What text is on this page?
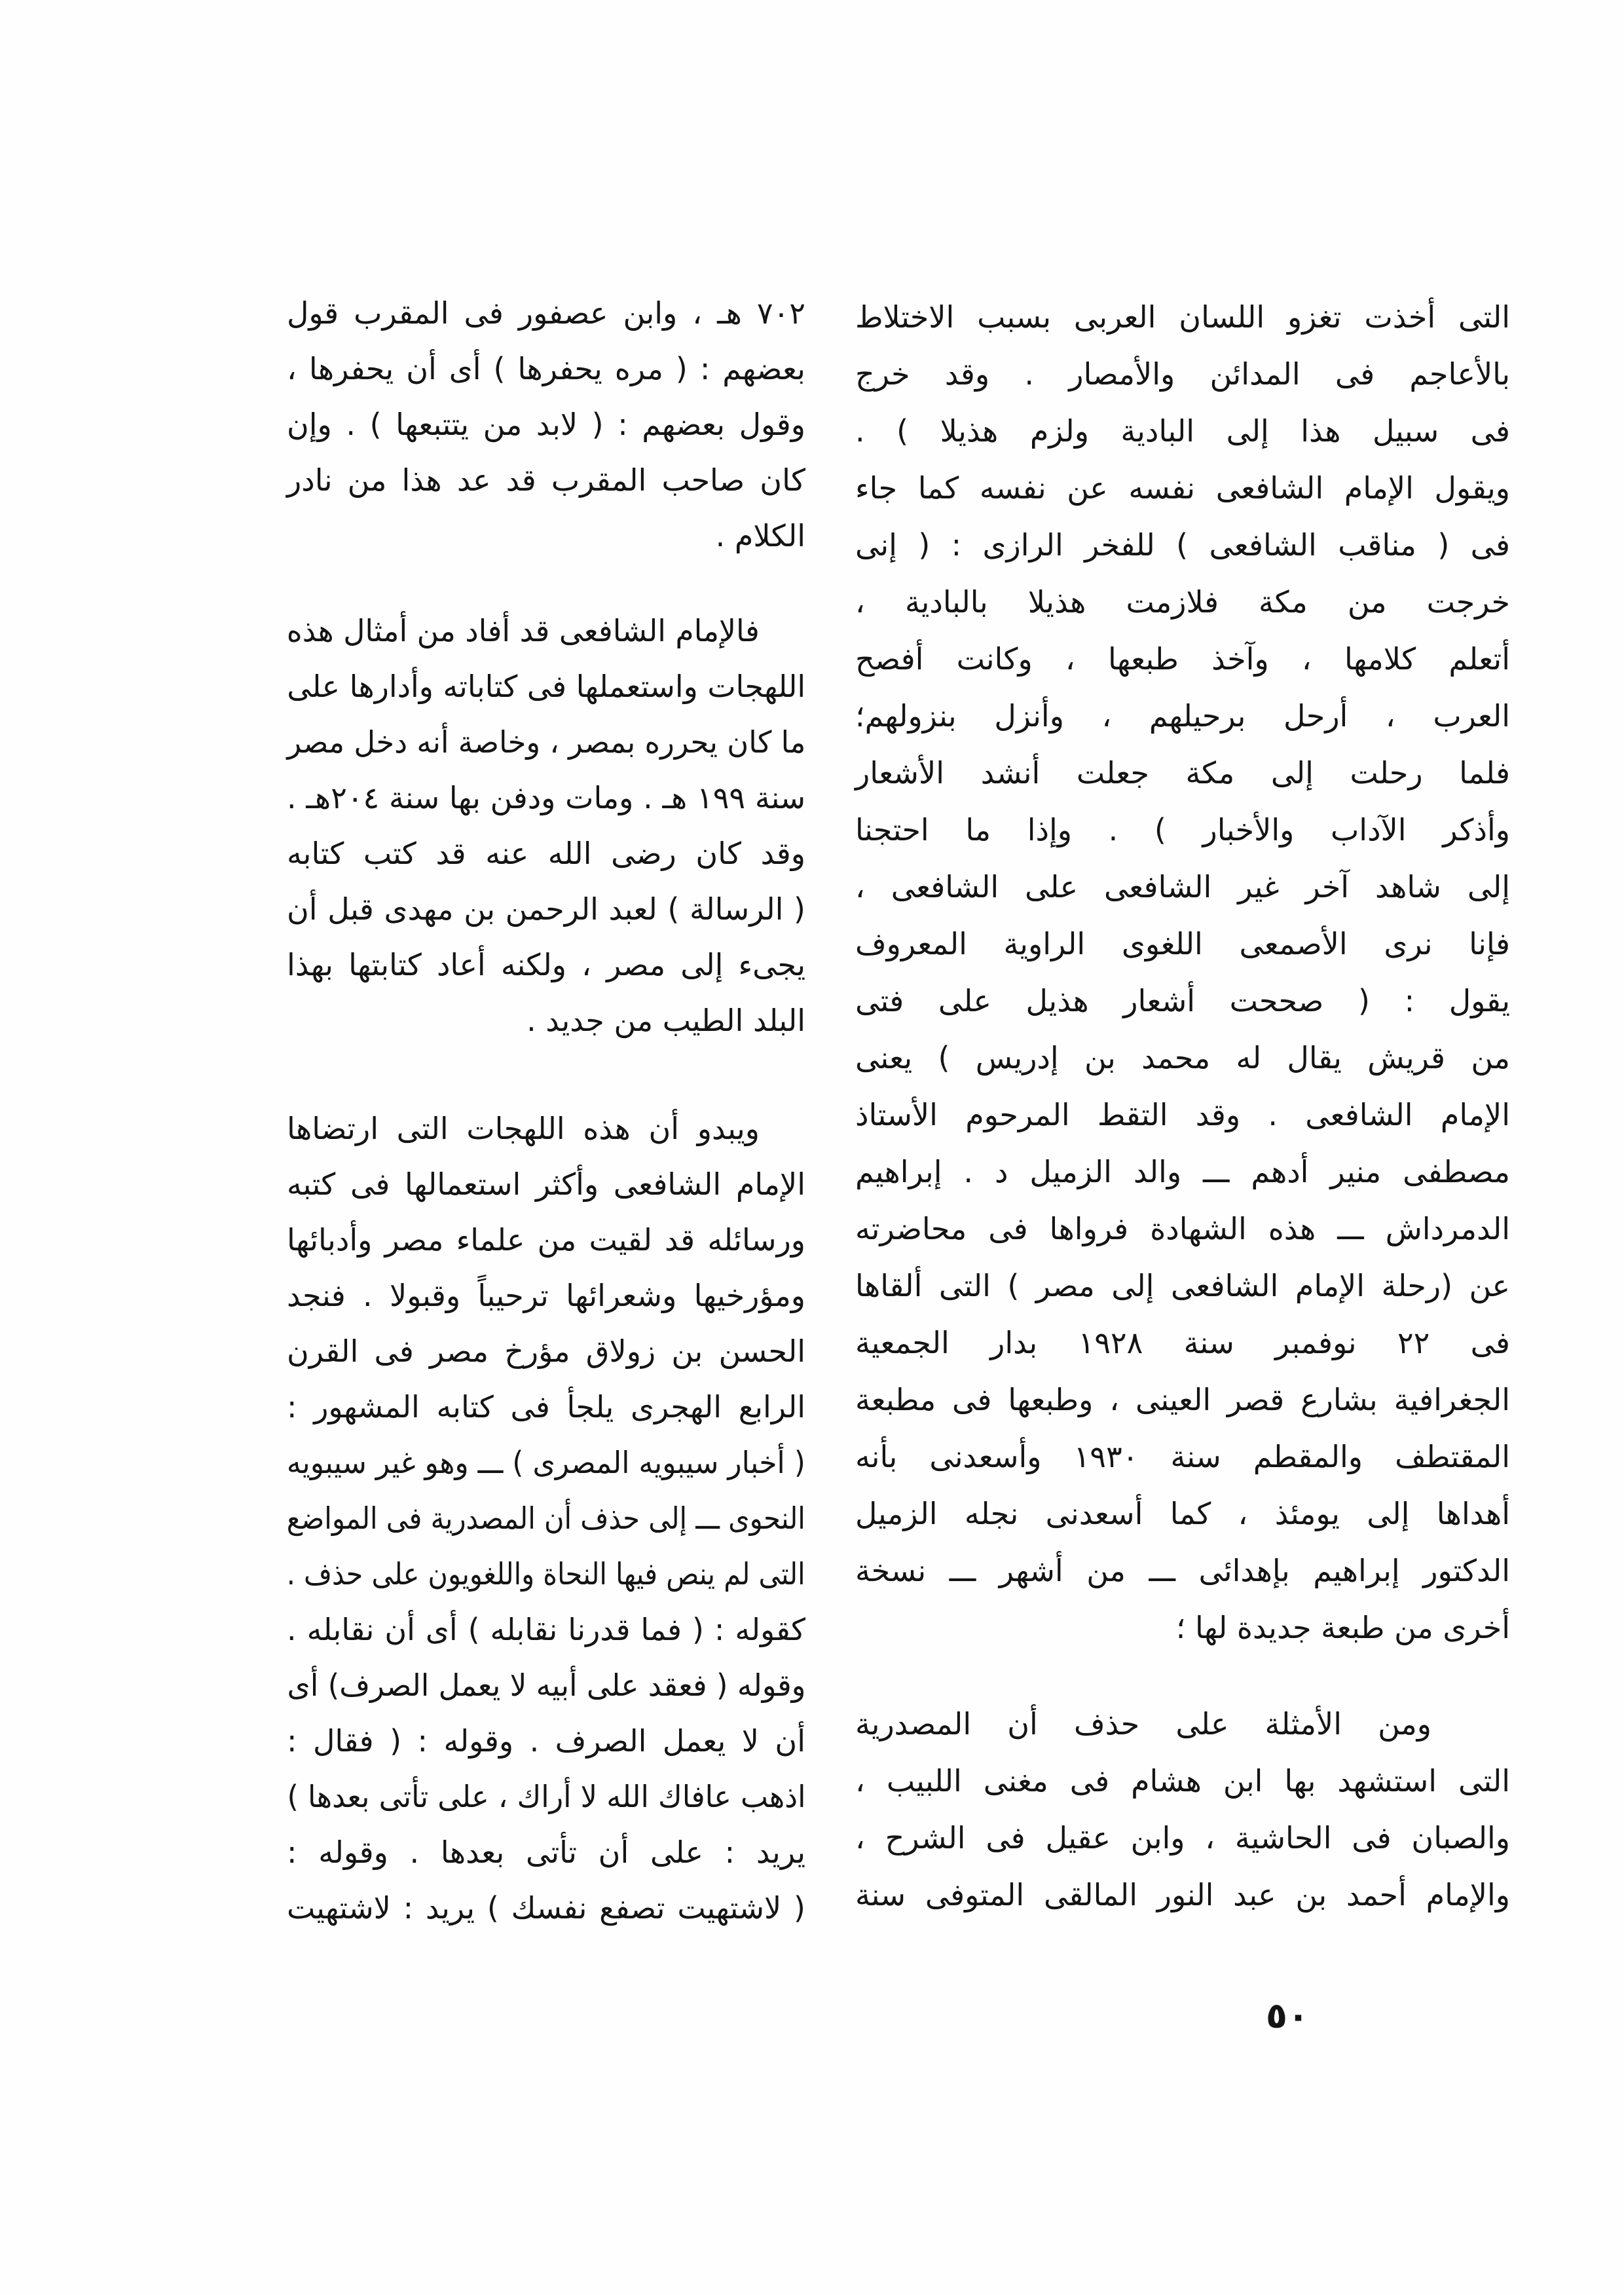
التى أخذت تغزو اللسان العربى بسبب الاختلاط
بالأعاجم فى المدائن والأمصار . وقد خرج
فى سبيل هذا إلى البادية ولزم هذيلا ) .
ويقول الإمام الشافعى نفسه عن نفسه كما جاء
فى ( مناقب الشافعى ) للفخر الرازى : ( إنى
خرجت من مكة فلازمت هذيلا بالبادية ،
أتعلم كلامها ، وآخذ طبعها ، وكانت أفصح
العرب ، أرحل برحيلهم ، وأنزل بنزولهم؛
فلما رحلت إلى مكة جعلت أنشد الأشعار
وأذكر الآداب والأخبار ) . وإذا ما احتجنا
إلى شاهد آخر غير الشافعى على الشافعى ،
فإنا نرى الأصمعى اللغوى الراوية المعروف
يقول : ( صححت أشعار هذيل على فتى
من قريش يقال له محمد بن إدريس ) يعنى
الإمام الشافعى . وقد التقط المرحوم الأستاذ
مصطفى منير أدهم ـــ والد الزميل د . إبراهيم
الدمرداش ـــ هذه الشهادة فرواها فى محاضرته
عن (رحلة الإمام الشافعى إلى مصر ) التى ألقاها
فى ٢٢ نوفمبر سنة ١٩٢٨ بدار الجمعية
الجغرافية بشارع قصر العينى ، وطبعها فى مطبعة
المقتطف والمقطم سنة ١٩٣٠ وأسعدنى بأنه
أهداها إلى يومئذ ، كما أسعدنى نجله الزميل
الدكتور إبراهيم بإهدائى ـــ من أشهر ـــ نسخة
أخرى من طبعة جديدة لها ؛
ومن الأمثلة على حذف أن المصدرية
التى استشهد بها ابن هشام فى مغنى اللبيب ،
والصبان فى الحاشية ، وابن عقيل فى الشرح ،
والإمام أحمد بن عبد النور المالقى المتوفى سنة
٧٠٢ هـ ، وابن عصفور فى المقرب قول
بعضهم : ( مره يحفرها ) أى أن يحفرها ،
وقول بعضهم : ( لابد من يتتبعها ) . وإن
كان صاحب المقرب قد عد هذا من نادر
الكلام .
فالإمام الشافعى قد أفاد من أمثال هذه
اللهجات واستعملها فى كتاباته وأدارها على
ما كان يحرره بمصر ، وخاصة أنه دخل مصر
سنة ١٩٩ هـ . ومات ودفن بها سنة ٢٠٤هـ .
وقد كان رضى الله عنه قد كتب كتابه
( الرسالة ) لعبد الرحمن بن مهدى قبل أن
يجىء إلى مصر ، ولكنه أعاد كتابتها بهذا
البلد الطيب من جديد .
ويبدو أن هذه اللهجات التى ارتضاها
الإمام الشافعى وأكثر استعمالها فى كتبه
ورسائله قد لقيت من علماء مصر وأدبائها
ومؤرخيها وشعرائها ترحيباً وقبولا . فنجد
الحسن بن زولاق مؤرخ مصر فى القرن
الرابع الهجرى يلجأ فى كتابه المشهور :
( أخبار سيبويه المصرى ) ـــ وهو غير سيبويه
النحوى ـــ إلى حذف أن المصدرية فى المواضع
التى لم ينص فيها النحاة واللغويون على حذف .
كقوله : ( فما قدرنا نقابله ) أى أن نقابله .
وقوله ( فعقد على أبيه لا يعمل الصرف) أى
أن لا يعمل الصرف . وقوله : ( فقال :
اذهب عافاك الله لا أراك ، على تأتى بعدها )
يريد : على أن تأتى بعدها . وقوله :
( لاشتهيت تصفع نفسك ) يريد : لاشتهيت
٥٠
